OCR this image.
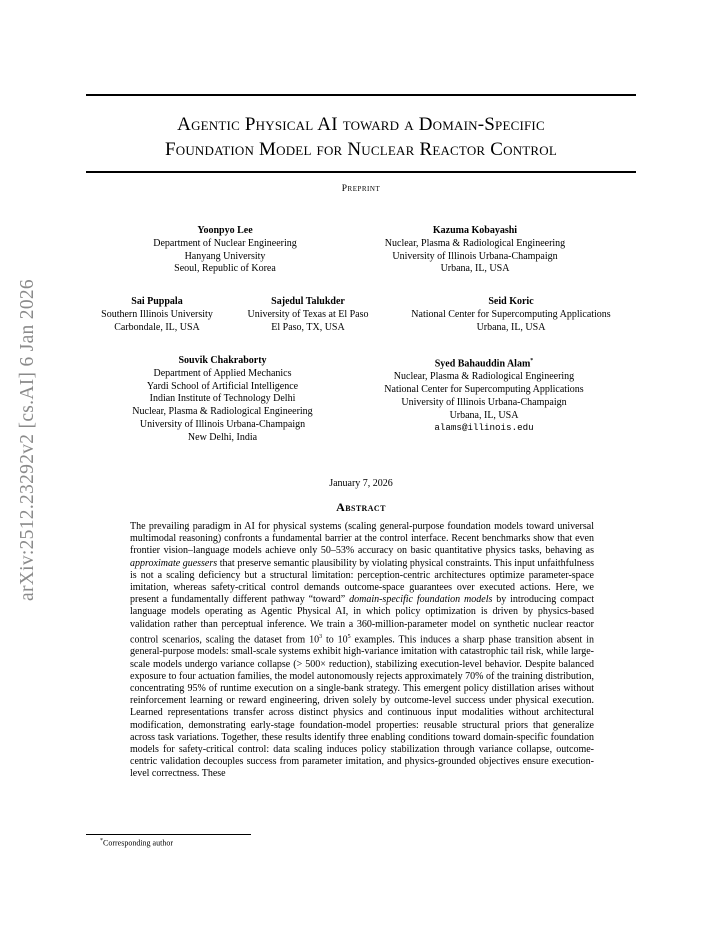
arXiv:2512.23292v2 [cs.AI] 6 Jan 2026
Agentic Physical AI toward a Domain-Specific
Foundation Model for Nuclear Reactor Control
Preprint
Yoonpyo Lee
Department of Nuclear Engineering
Hanyang University
Seoul, Republic of Korea
Kazuma Kobayashi
Nuclear, Plasma & Radiological Engineering
University of Illinois Urbana-Champaign
Urbana, IL, USA
Sai Puppala
Southern Illinois University
Carbondale, IL, USA
Sajedul Talukder
University of Texas at El Paso
El Paso, TX, USA
Seid Koric
National Center for Supercomputing Applications
Urbana, IL, USA
Souvik Chakraborty
Department of Applied Mechanics
Yardi School of Artificial Intelligence
Indian Institute of Technology Delhi
Nuclear, Plasma & Radiological Engineering
University of Illinois Urbana-Champaign
New Delhi, India
Syed Bahauddin Alam*
Nuclear, Plasma & Radiological Engineering
National Center for Supercomputing Applications
University of Illinois Urbana-Champaign
Urbana, IL, USA
alams@illinois.edu
January 7, 2026
Abstract

The prevailing paradigm in AI for physical systems (scaling general-purpose foundation models toward universal multimodal reasoning) confronts a fundamental barrier at the control interface. Recent benchmarks show that even frontier vision–language models achieve only 50–53% accuracy on basic quantitative physics tasks, behaving as approximate guessers that preserve semantic plausibility by violating physical constraints. This input unfaithfulness is not a scaling deficiency but a structural limitation: perception-centric architectures optimize parameter-space imitation, whereas safety-critical control demands outcome-space guarantees over executed actions. Here, we present a fundamentally different pathway “toward” domain-specific foundation models by introducing compact language models operating as Agentic Physical AI, in which policy optimization is driven by physics-based validation rather than perceptual inference. We train a 360-million-parameter model on synthetic nuclear reactor control scenarios, scaling the dataset from $10^3$ to $10^5$ examples. This induces a sharp phase transition absent in general-purpose models: small-scale systems exhibit high-variance imitation with catastrophic tail risk, while large-scale models undergo variance collapse (> 500× reduction), stabilizing execution-level behavior. Despite balanced exposure to four actuation families, the model autonomously rejects approximately 70% of the training distribution, concentrating 95% of runtime execution on a single-bank strategy. This emergent policy distillation arises without reinforcement learning or reward engineering, driven solely by outcome-level success under physical execution. Learned representations transfer across distinct physics and continuous input modalities without architectural modification, demonstrating early-stage foundation-model properties: reusable structural priors that generalize across task variations. Together, these results identify three enabling conditions toward domain-specific foundation models for safety-critical control: data scaling induces policy stabilization through variance collapse, outcome-centric validation decouples success from parameter imitation, and physics-grounded objectives ensure execution-level correctness. These

*Corresponding author
